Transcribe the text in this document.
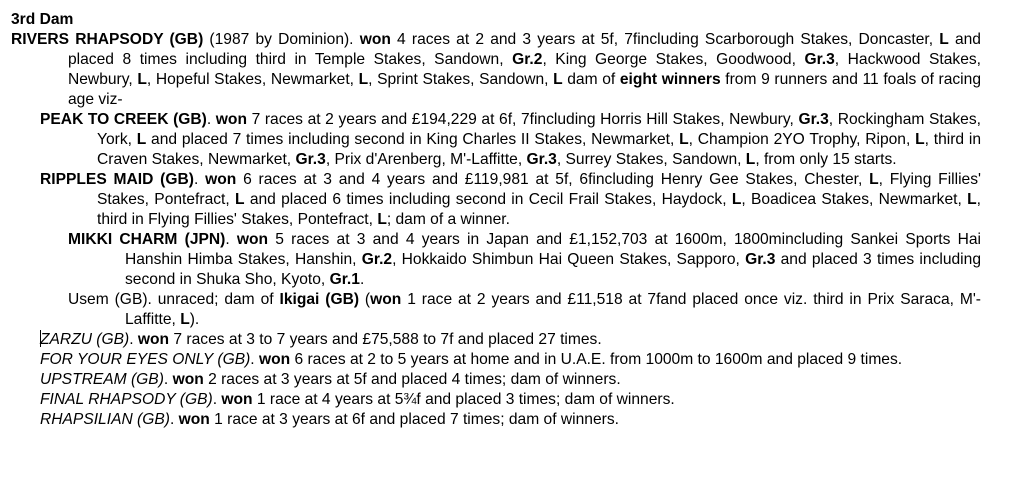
3rd Dam

RIVERS RHAPSODY (GB) (1987 by Dominion). won 4 races at 2 and 3 years at 5f, 7fincluding Scarborough Stakes, Doncaster, L and placed 8 times including third in Temple Stakes, Sandown, Gr.2, King George Stakes, Goodwood, Gr.3, Hackwood Stakes, Newbury, L, Hopeful Stakes, Newmarket, L, Sprint Stakes, Sandown, L dam of eight winners from 9 runners and 11 foals of racing age viz-

PEAK TO CREEK (GB). won 7 races at 2 years and £194,229 at 6f, 7fincluding Horris Hill Stakes, Newbury, Gr.3, Rockingham Stakes, York, L and placed 7 times including second in King Charles II Stakes, Newmarket, L, Champion 2YO Trophy, Ripon, L, third in Craven Stakes, Newmarket, Gr.3, Prix d'Arenberg, M'-Laffitte, Gr.3, Surrey Stakes, Sandown, L, from only 15 starts.

RIPPLES MAID (GB). won 6 races at 3 and 4 years and £119,981 at 5f, 6fincluding Henry Gee Stakes, Chester, L, Flying Fillies' Stakes, Pontefract, L and placed 6 times including second in Cecil Frail Stakes, Haydock, L, Boadicea Stakes, Newmarket, L, third in Flying Fillies' Stakes, Pontefract, L; dam of a winner.

MIKKI CHARM (JPN). won 5 races at 3 and 4 years in Japan and £1,152,703 at 1600m, 1800mincluding Sankei Sports Hai Hanshin Himba Stakes, Hanshin, Gr.2, Hokkaido Shimbun Hai Queen Stakes, Sapporo, Gr.3 and placed 3 times including second in Shuka Sho, Kyoto, Gr.1.

Usem (GB). unraced; dam of Ikigai (GB) (won 1 race at 2 years and £11,518 at 7fand placed once viz. third in Prix Saraca, M'-Laffitte, L).

ZARZU (GB). won 7 races at 3 to 7 years and £75,588 to 7f and placed 27 times.

FOR YOUR EYES ONLY (GB). won 6 races at 2 to 5 years at home and in U.A.E. from 1000m to 1600m and placed 9 times.

UPSTREAM (GB). won 2 races at 3 years at 5f and placed 4 times; dam of winners.

FINAL RHAPSODY (GB). won 1 race at 4 years at 5¾f and placed 3 times; dam of winners.

RHAPSILIAN (GB). won 1 race at 3 years at 6f and placed 7 times; dam of winners.
